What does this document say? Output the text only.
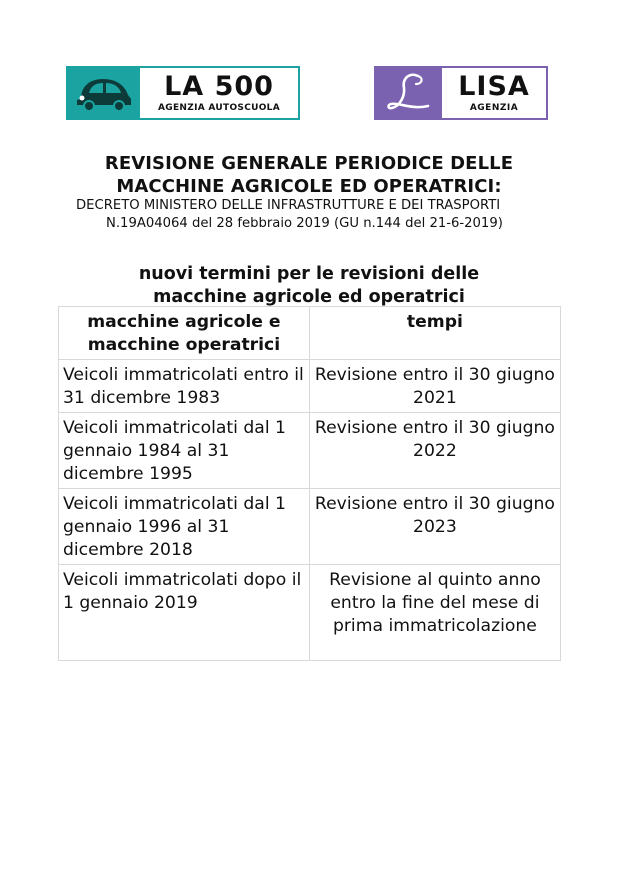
LA 500
AGENZIA AUTOSCUOLA
LISA
AGENZIA
REVISIONE GENERALE PERIODICE DELLE
MACCHINE AGRICOLE ED OPERATRICI:
DECRETO MINISTERO DELLE INFRASTRUTTURE E DEI TRASPORTI
N.19A04064 del 28 febbraio 2019 (GU n.144 del 21-6-2019)
nuovi termini per le revisioni delle
macchine agricole ed operatrici
macchine agricole e macchine operatrici	tempi
Veicoli immatricolati entro il 31 dicembre 1983	Revisione entro il 30 giugno 2021
Veicoli immatricolati dal 1 gennaio 1984 al 31 dicembre 1995	Revisione entro il 30 giugno 2022
Veicoli immatricolati dal 1 gennaio 1996 al 31 dicembre 2018	Revisione entro il 30 giugno 2023
Veicoli immatricolati dopo il 1 gennaio 2019	Revisione al quinto anno entro la fine del mese di prima immatricolazione
